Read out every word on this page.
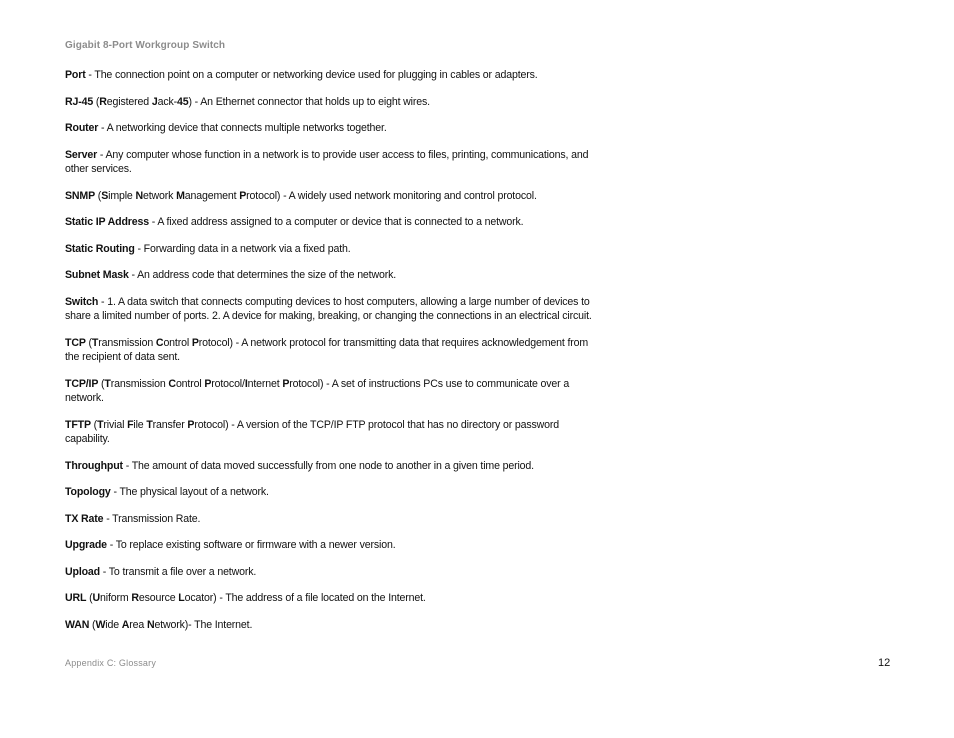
Gigabit 8-Port Workgroup Switch

Port - The connection point on a computer or networking device used for plugging in cables or adapters.

RJ-45 (Registered Jack-45) - An Ethernet connector that holds up to eight wires.

Router - A networking device that connects multiple networks together.

Server - Any computer whose function in a network is to provide user access to files, printing, communications, and other services.

SNMP (Simple Network Management Protocol) - A widely used network monitoring and control protocol.

Static IP Address - A fixed address assigned to a computer or device that is connected to a network.

Static Routing - Forwarding data in a network via a fixed path.

Subnet Mask - An address code that determines the size of the network.

Switch - 1. A data switch that connects computing devices to host computers, allowing a large number of devices to share a limited number of ports. 2. A device for making, breaking, or changing the connections in an electrical circuit.

TCP (Transmission Control Protocol) - A network protocol for transmitting data that requires acknowledgement from the recipient of data sent.

TCP/IP (Transmission Control Protocol/Internet Protocol) - A set of instructions PCs use to communicate over a network.

TFTP (Trivial File Transfer Protocol) - A version of the TCP/IP FTP protocol that has no directory or password capability.

Throughput - The amount of data moved successfully from one node to another in a given time period.

Topology - The physical layout of a network.

TX Rate - Transmission Rate.

Upgrade - To replace existing software or firmware with a newer version.

Upload - To transmit a file over a network.

URL (Uniform Resource Locator) - The address of a file located on the Internet.

WAN (Wide Area Network)- The Internet.

Appendix C: Glossary	12
